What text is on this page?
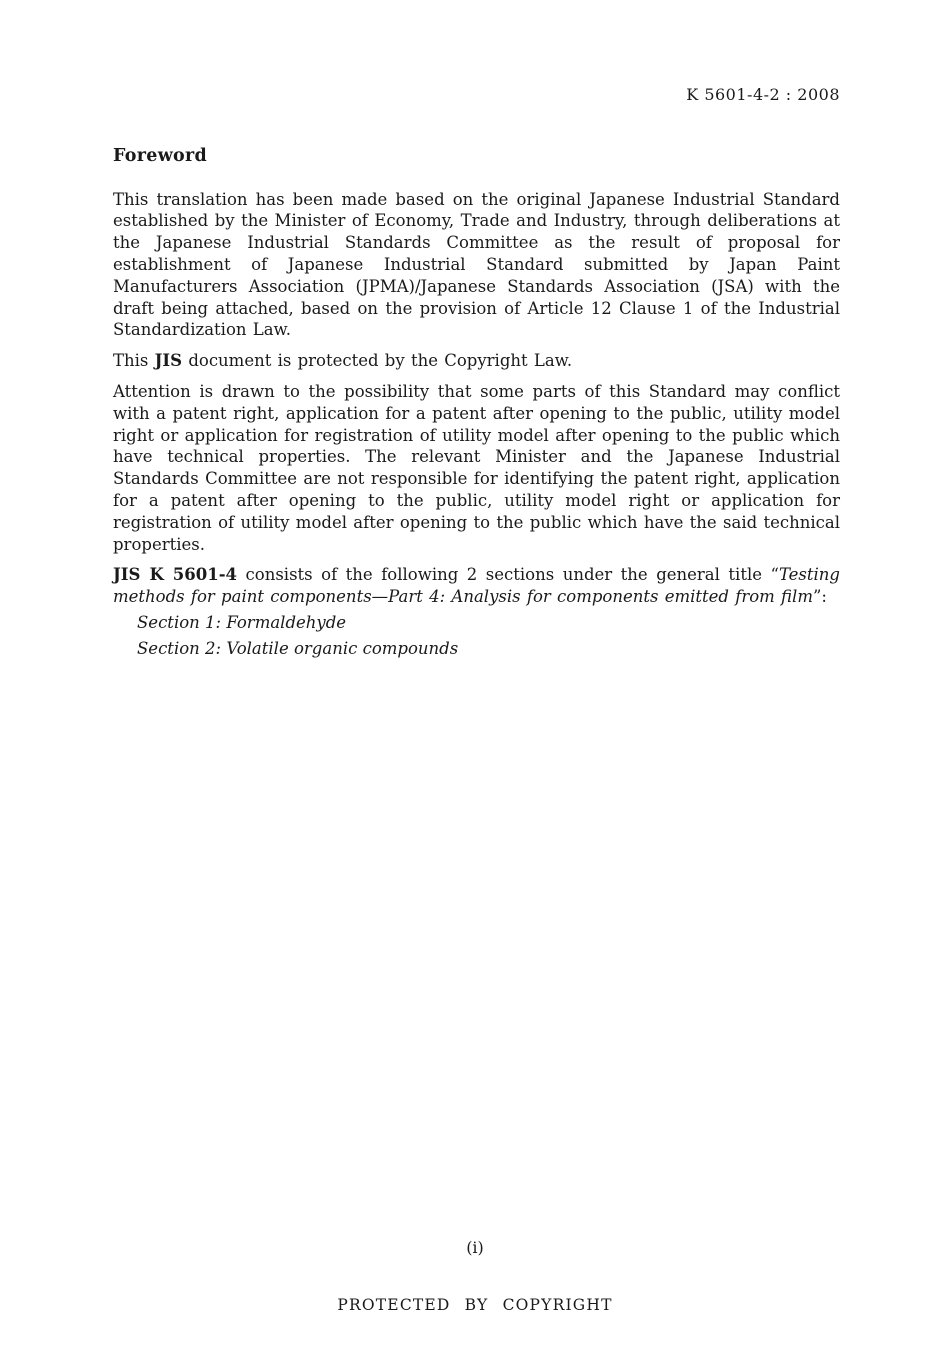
K 5601-4-2 : 2008
Foreword

This translation has been made based on the original Japanese Industrial Standard established by the Minister of Economy, Trade and Industry, through deliberations at the Japanese Industrial Standards Committee as the result of proposal for establishment of Japanese Industrial Standard submitted by Japan Paint Manufacturers Association (JPMA)/Japanese Standards Association (JSA) with the draft being attached, based on the provision of Article 12 Clause 1 of the Industrial Standardization Law.

This JIS document is protected by the Copyright Law.

Attention is drawn to the possibility that some parts of this Standard may conflict with a patent right, application for a patent after opening to the public, utility model right or application for registration of utility model after opening to the public which have technical properties. The relevant Minister and the Japanese Industrial Standards Committee are not responsible for identifying the patent right, application for a patent after opening to the public, utility model right or application for registration of utility model after opening to the public which have the said technical properties.

JIS K 5601-4 consists of the following 2 sections under the general title “Testing methods for paint components—Part 4: Analysis for components emitted from film”:

Section 1: Formaldehyde
Section 2: Volatile organic compounds
(i)
PROTECTED BY COPYRIGHT
